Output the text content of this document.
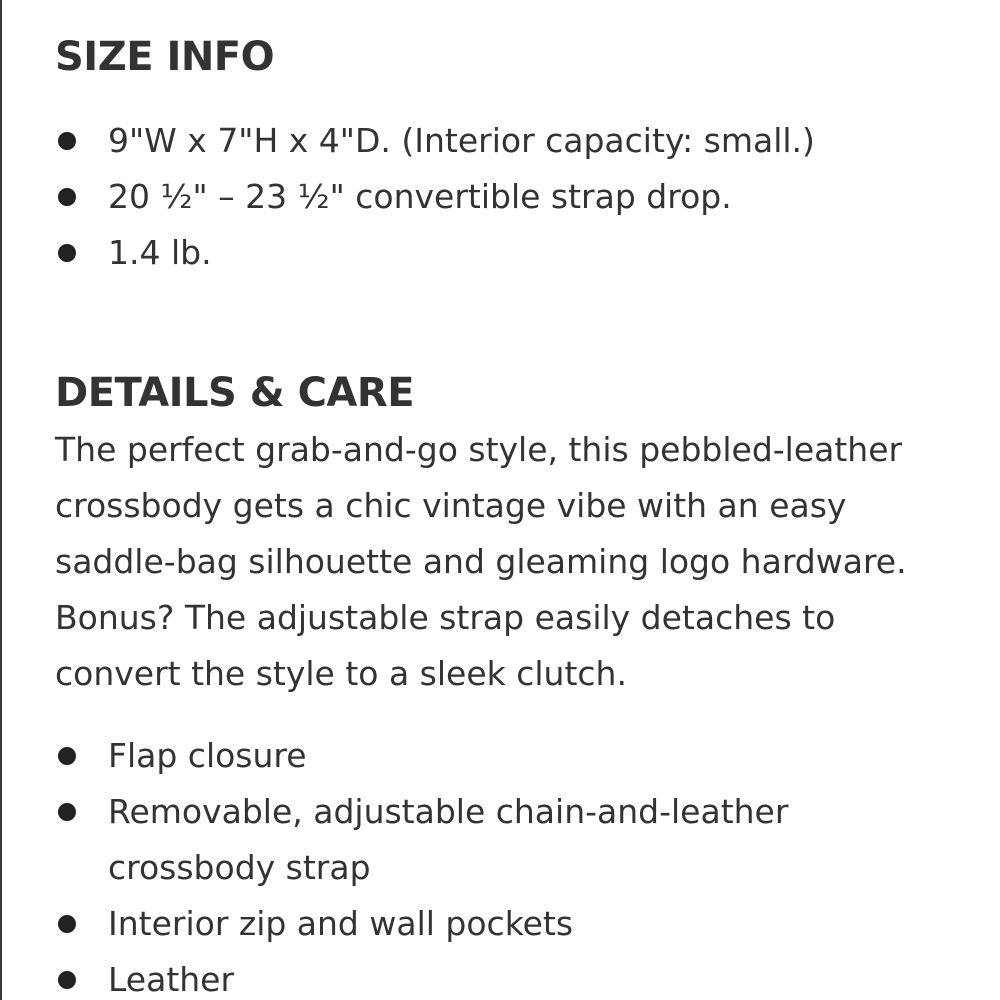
SIZE INFO
9"W x 7"H x 4"D. (Interior capacity: small.)
20 ½" – 23 ½" convertible strap drop.
1.4 lb.
DETAILS & CARE

The perfect grab-and-go style, this pebbled-leather
crossbody gets a chic vintage vibe with an easy
saddle-bag silhouette and gleaming logo hardware.
Bonus? The adjustable strap easily detaches to
convert the style to a sleek clutch.

Flap closure
Removable, adjustable chain-and-leather
crossbody strap
Interior zip and wall pockets
Leather
